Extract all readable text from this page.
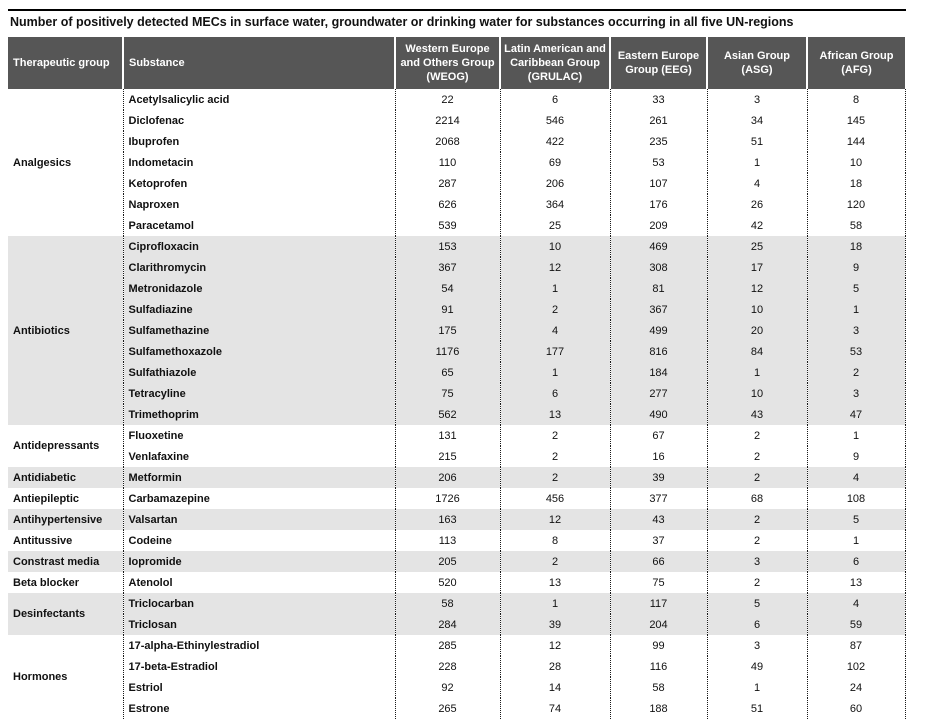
Number of positively detected MECs in surface water, groundwater or drinking water for substances occurring in all five UN-regions
Therapeutic group	Substance	Western Europe and Others Group (WEOG)	Latin American and Caribbean Group (GRULAC)	Eastern Europe Group (EEG)	Asian Group (ASG)	African Group (AFG)
Analgesics	Acetylsalicylic acid	22	6	33	3	8
	Diclofenac	2214	546	261	34	145
	Ibuprofen	2068	422	235	51	144
	Indometacin	110	69	53	1	10
	Ketoprofen	287	206	107	4	18
	Naproxen	626	364	176	26	120
	Paracetamol	539	25	209	42	58
Antibiotics	Ciprofloxacin	153	10	469	25	18
	Clarithromycin	367	12	308	17	9
	Metronidazole	54	1	81	12	5
	Sulfadiazine	91	2	367	10	1
	Sulfamethazine	175	4	499	20	3
	Sulfamethoxazole	1176	177	816	84	53
	Sulfathiazole	65	1	184	1	2
	Tetracyline	75	6	277	10	3
	Trimethoprim	562	13	490	43	47
Antidepressants	Fluoxetine	131	2	67	2	1
	Venlafaxine	215	2	16	2	9
Antidiabetic	Metformin	206	2	39	2	4
Antiepileptic	Carbamazepine	1726	456	377	68	108
Antihypertensive	Valsartan	163	12	43	2	5
Antitussive	Codeine	113	8	37	2	1
Constrast media	Iopromide	205	2	66	3	6
Beta blocker	Atenolol	520	13	75	2	13
Desinfectants	Triclocarban	58	1	117	5	4
	Triclosan	284	39	204	6	59
Hormones	17-alpha-Ethinylestradiol	285	12	99	3	87
	17-beta-Estradiol	228	28	116	49	102
	Estriol	92	14	58	1	24
	Estrone	265	74	188	51	60
